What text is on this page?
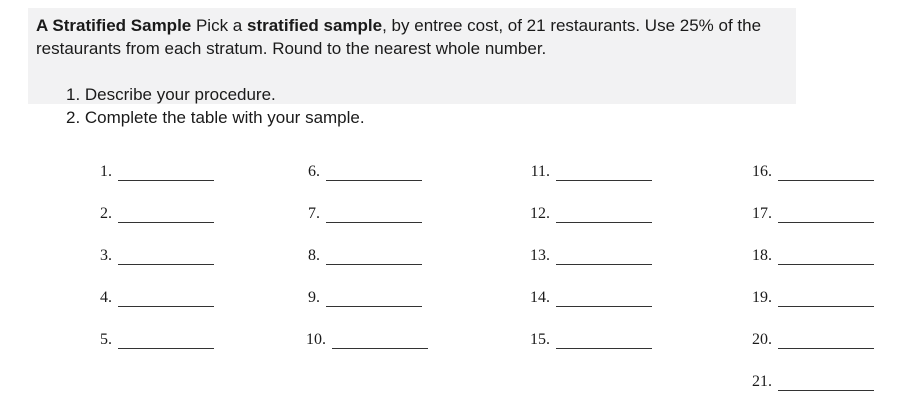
A Stratified Sample Pick a stratified sample, by entree cost, of 21 restaurants. Use 25% of the restaurants from each stratum. Round to the nearest whole number.
1. Describe your procedure.
2. Complete the table with your sample.
1.
2.
3.
4.
5.
6.
7.
8.
9.
10.
11.
12.
13.
14.
15.
16.
17.
18.
19.
20.
21.
